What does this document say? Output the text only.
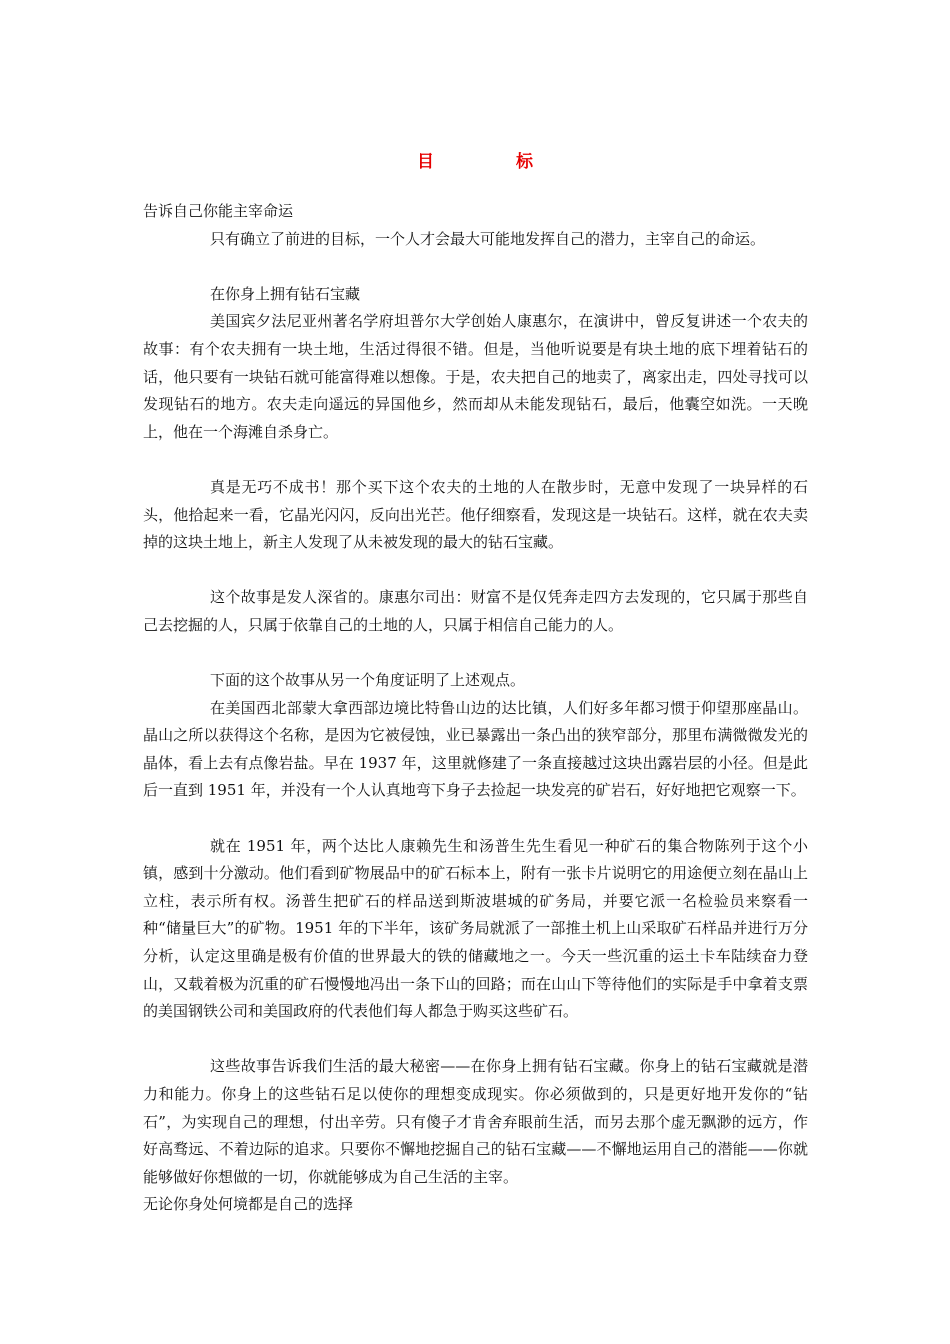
目 标

告诉自己你能主宰命运

只有确立了前进的目标，一个人才会最大可能地发挥自己的潜力，主宰自己的命运。

在你身上拥有钻石宝藏

美国宾夕法尼亚州著名学府坦普尔大学创始人康惠尔，在演讲中，曾反复讲述一个农夫的故事：有个农夫拥有一块土地，生活过得很不错。但是，当他听说要是有块土地的底下埋着钻石的话，他只要有一块钻石就可能富得难以想像。于是，农夫把自己的地卖了，离家出走，四处寻找可以发现钻石的地方。农夫走向遥远的异国他乡，然而却从未能发现钻石，最后，他囊空如洗。一天晚上，他在一个海滩自杀身亡。

真是无巧不成书！那个买下这个农夫的土地的人在散步时，无意中发现了一块异样的石头，他拾起来一看，它晶光闪闪，反向出光芒。他仔细察看，发现这是一块钻石。这样，就在农夫卖掉的这块土地上，新主人发现了从未被发现的最大的钻石宝藏。

这个故事是发人深省的。康惠尔司出：财富不是仅凭奔走四方去发现的，它只属于那些自己去挖掘的人，只属于依靠自己的土地的人，只属于相信自己能力的人。

下面的这个故事从另一个角度证明了上述观点。

在美国西北部蒙大拿西部边境比特鲁山边的达比镇，人们好多年都习惯于仰望那座晶山。晶山之所以获得这个名称，是因为它被侵蚀，业已暴露出一条凸出的狭窄部分，那里布满微微发光的晶体，看上去有点像岩盐。早在 1937 年，这里就修建了一条直接越过这块出露岩层的小径。但是此后一直到 1951 年，并没有一个人认真地弯下身子去捡起一块发亮的矿岩石，好好地把它观察一下。

就在 1951 年，两个达比人康赖先生和汤普生先生看见一种矿石的集合物陈列于这个小镇，感到十分激动。他们看到矿物展品中的矿石标本上，附有一张卡片说明它的用途便立刻在晶山上立柱，表示所有权。汤普生把矿石的样品送到斯波堪城的矿务局，并要它派一名检验员来察看一种“储量巨大”的矿物。1951 年的下半年，该矿务局就派了一部推土机上山采取矿石样品并进行万分分析，认定这里确是极有价值的世界最大的铁的储藏地之一。今天一些沉重的运土卡车陆续奋力登山，又载着极为沉重的矿石慢慢地冯出一条下山的回路；而在山山下等待他们的实际是手中拿着支票的美国钢铁公司和美国政府的代表他们每人都急于购买这些矿石。

这些故事告诉我们生活的最大秘密——在你身上拥有钻石宝藏。你身上的钻石宝藏就是潜力和能力。你身上的这些钻石足以使你的理想变成现实。你必须做到的，只是更好地开发你的“钻石”，为实现自己的理想，付出辛劳。只有傻子才肯舍弃眼前生活，而另去那个虚无飘渺的远方，作好高骛远、不着边际的追求。只要你不懈地挖掘自己的钻石宝藏——不懈地运用自己的潜能——你就能够做好你想做的一切，你就能够成为自己生活的主宰。

无论你身处何境都是自己的选择
